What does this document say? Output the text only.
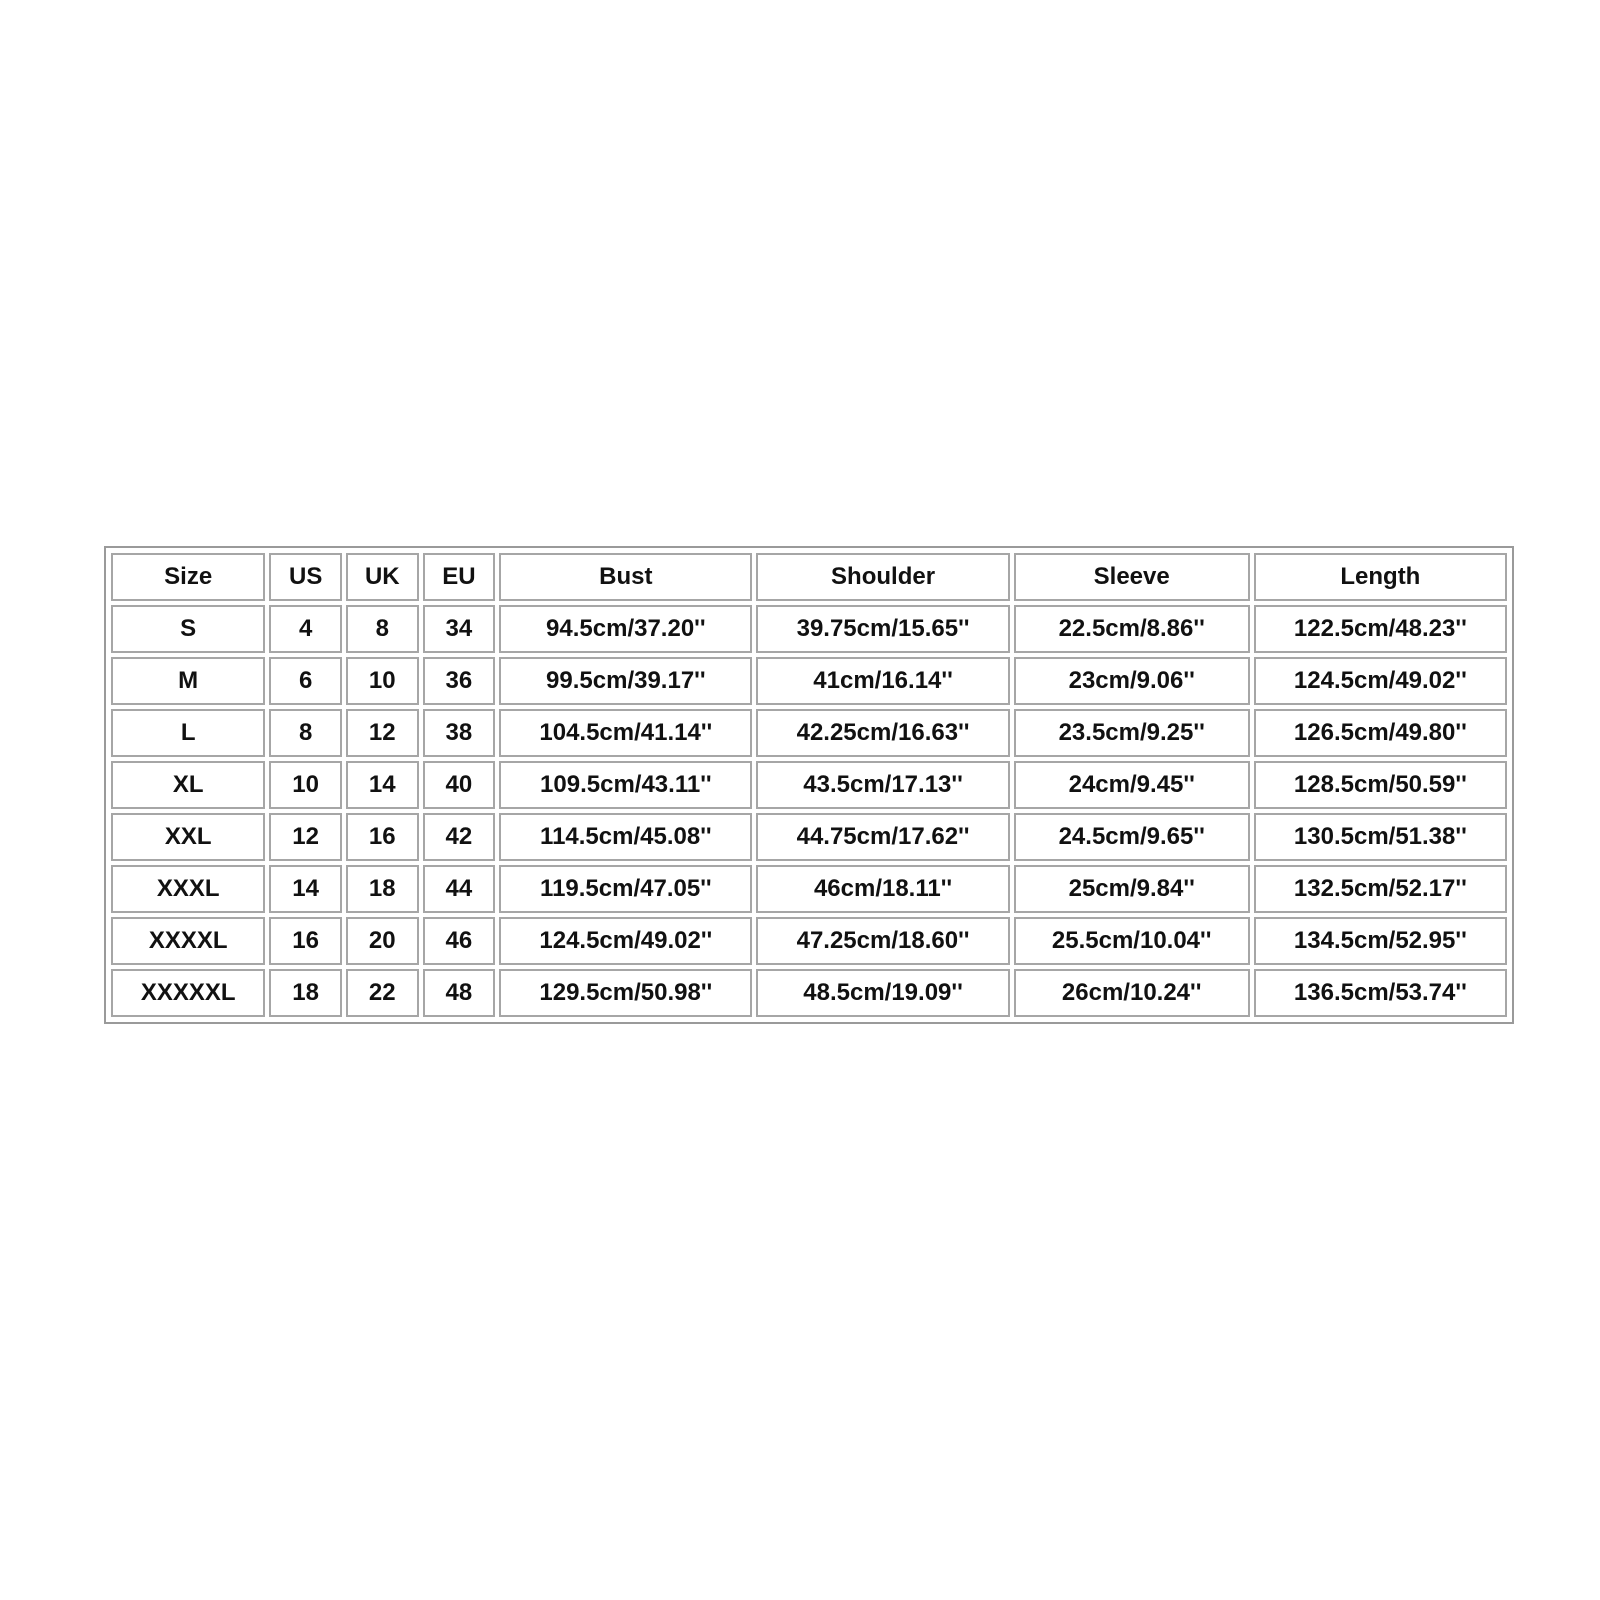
Size	US	UK	EU	Bust	Shoulder	Sleeve	Length
S	4	8	34	94.5cm/37.20''	39.75cm/15.65''	22.5cm/8.86''	122.5cm/48.23''
M	6	10	36	99.5cm/39.17''	41cm/16.14''	23cm/9.06''	124.5cm/49.02''
L	8	12	38	104.5cm/41.14''	42.25cm/16.63''	23.5cm/9.25''	126.5cm/49.80''
XL	10	14	40	109.5cm/43.11''	43.5cm/17.13''	24cm/9.45''	128.5cm/50.59''
XXL	12	16	42	114.5cm/45.08''	44.75cm/17.62''	24.5cm/9.65''	130.5cm/51.38''
XXXL	14	18	44	119.5cm/47.05''	46cm/18.11''	25cm/9.84''	132.5cm/52.17''
XXXXL	16	20	46	124.5cm/49.02''	47.25cm/18.60''	25.5cm/10.04''	134.5cm/52.95''
XXXXXL	18	22	48	129.5cm/50.98''	48.5cm/19.09''	26cm/10.24''	136.5cm/53.74''
